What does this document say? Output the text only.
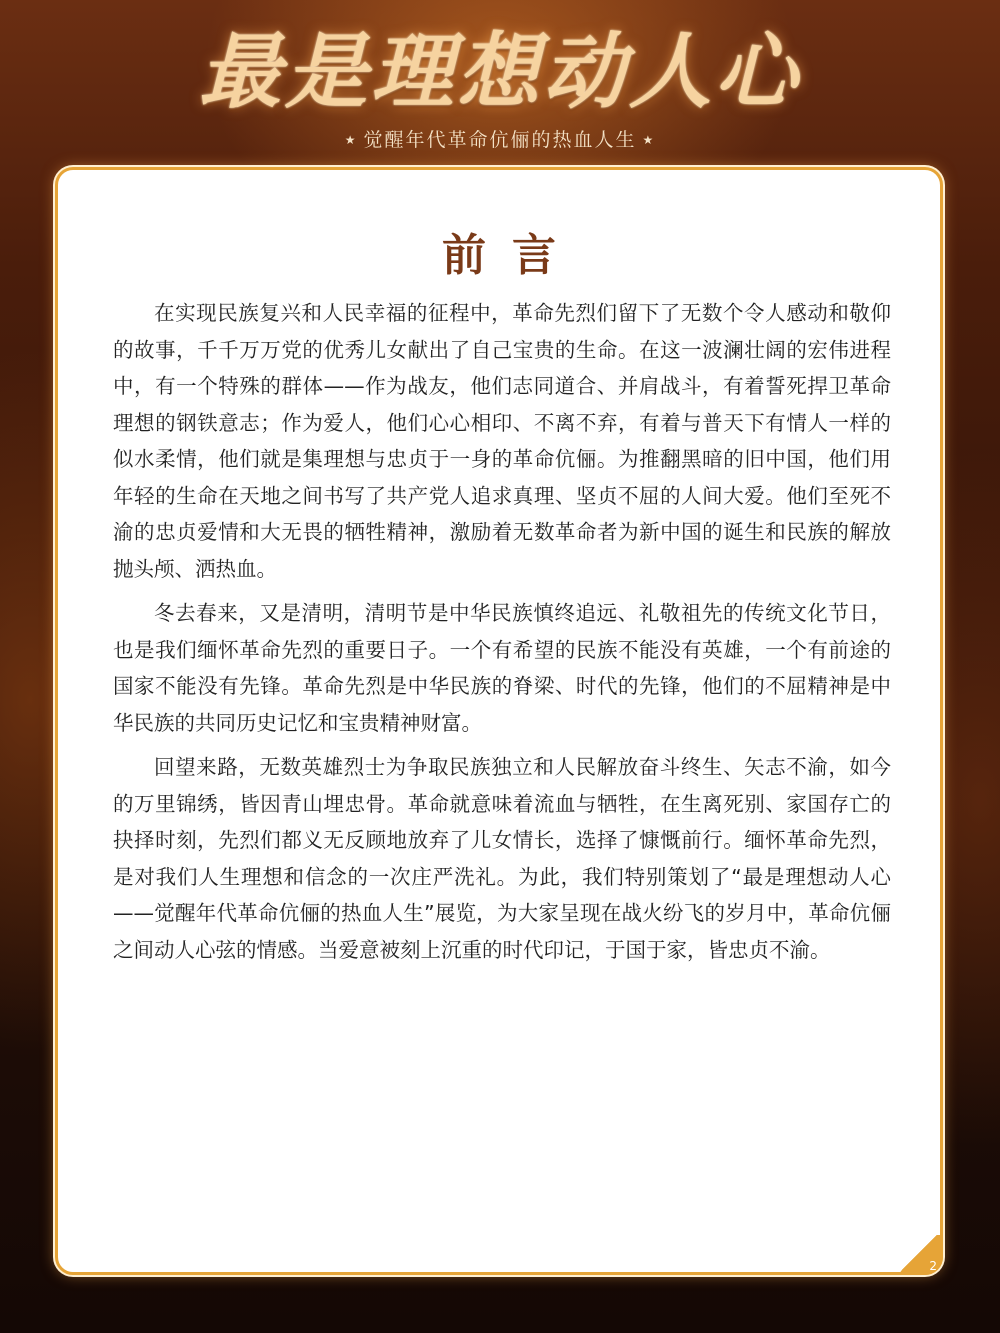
最是理想动人心
★ 觉醒年代革命伉俪的热血人生 ★
前言

在实现民族复兴和人民幸福的征程中，革命先烈们留下了无数个令人感动和敬仰的故事，千千万万党的优秀儿女献出了自己宝贵的生命。在这一波澜壮阔的宏伟进程中，有一个特殊的群体——作为战友，他们志同道合、并肩战斗，有着誓死捍卫革命理想的钢铁意志；作为爱人，他们心心相印、不离不弃，有着与普天下有情人一样的似水柔情，他们就是集理想与忠贞于一身的革命伉俪。为推翻黑暗的旧中国，他们用年轻的生命在天地之间书写了共产党人追求真理、坚贞不屈的人间大爱。他们至死不渝的忠贞爱情和大无畏的牺牲精神，激励着无数革命者为新中国的诞生和民族的解放抛头颅、洒热血。

冬去春来，又是清明，清明节是中华民族慎终追远、礼敬祖先的传统文化节日，也是我们缅怀革命先烈的重要日子。一个有希望的民族不能没有英雄，一个有前途的国家不能没有先锋。革命先烈是中华民族的脊梁、时代的先锋，他们的不屈精神是中华民族的共同历史记忆和宝贵精神财富。

回望来路，无数英雄烈士为争取民族独立和人民解放奋斗终生、矢志不渝，如今的万里锦绣，皆因青山埋忠骨。革命就意味着流血与牺牲，在生离死别、家国存亡的抉择时刻，先烈们都义无反顾地放弃了儿女情长，选择了慷慨前行。缅怀革命先烈，是对我们人生理想和信念的一次庄严洗礼。为此，我们特别策划了“最是理想动人心——觉醒年代革命伉俪的热血人生”展览，为大家呈现在战火纷飞的岁月中，革命伉俪之间动人心弦的情感。当爱意被刻上沉重的时代印记，于国于家，皆忠贞不渝。

2
